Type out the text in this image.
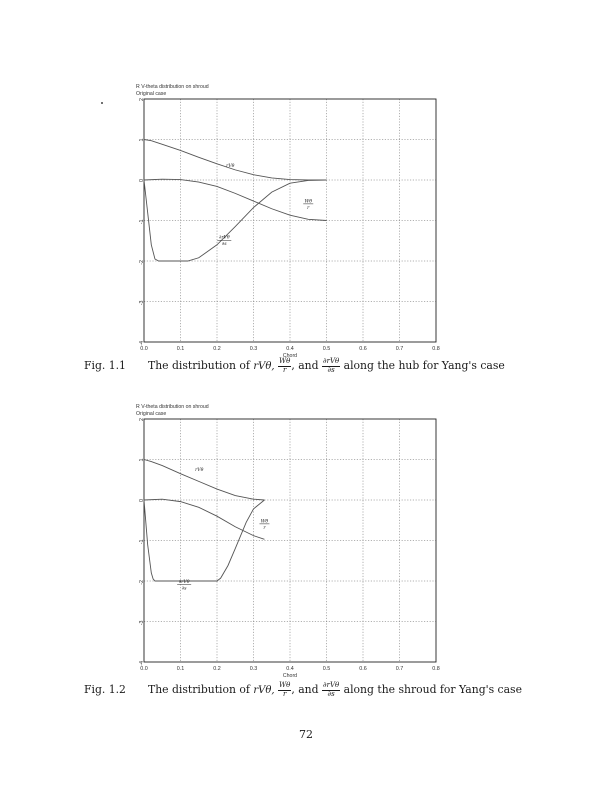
R V-theta distribution on shroud
Original case
0.0	0.1	0.2	0.3	0.4	0.5	0.6	0.7	0.8
2
1
0
-1
-2
-3
-4
Chord
rVθ
Wθ
r
∂rVθ
∂s
Fig. 1.1 The distribution of rVθ, $\frac{W\theta}{r}$ , and $\frac{\text{∂rVθ}}{\partial s}$ along the hub for Yang's case
R V-theta distribution on shroud
Original case
0.0	0.1	0.2	0.3	0.4	0.5	0.6	0.7	0.8
2
1
0
-1
-2
-3
-4
Chord
rVθ
Wθ
r
∂rVθ
∂s
Fig. 1.2 The distribution of rVθ, $\frac{W\theta}{r}$ , and $\frac{\text{∂rVθ}}{\partial s}$ along the shroud for Yang's case
72
